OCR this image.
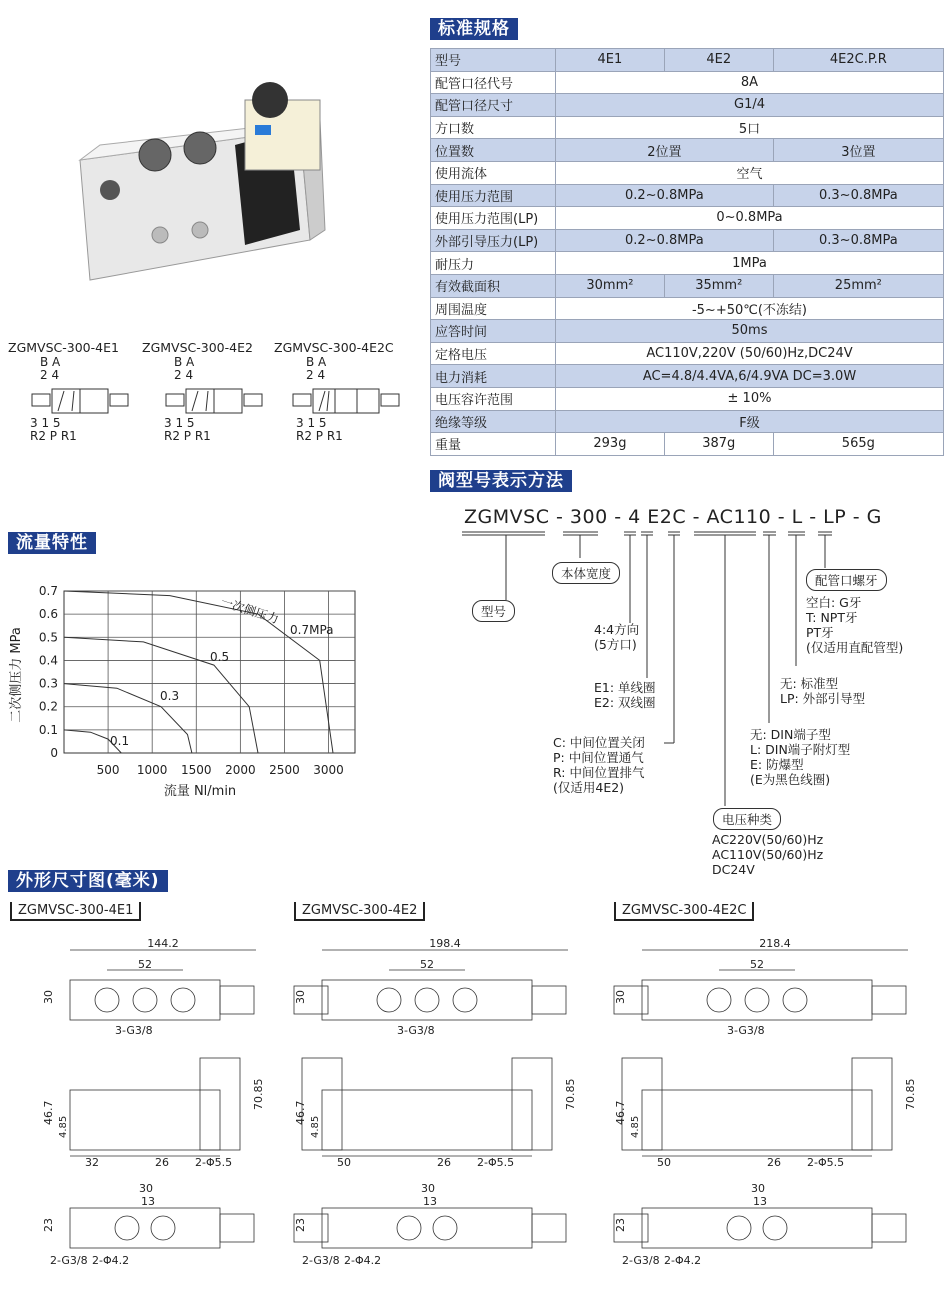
标准规格
型号	4E1	4E2	4E2C.P.R
配管口径代号	8A		
配管口径尺寸	G1/4		
方口数	5口		
位置数	2位置		3位置
使用流体	空气		
使用压力范围	0.2~0.8MPa		0.3~0.8MPa
使用压力范围(LP)	0~0.8MPa		
外部引导压力(LP)	0.2~0.8MPa		0.3~0.8MPa
耐压力	1MPa		
有效截面积	30mm²	35mm²	25mm²
周围温度	-5~+50℃(不冻结)		
应答时间	50ms		
定格电压	AC110V,220V (50/60)Hz,DC24V		
电力消耗	AC=4.8/4.4VA,6/4.9VA DC=3.0W		
电压容许范围	± 10%		
绝缘等级	F级		
重量	293g	387g	565g
ZGMVSC-300-4E1
B A
2 4
3 1 5
R2 P R1
ZGMVSC-300-4E2
B A
2 4
3 1 5
R2 P R1
ZGMVSC-300-4E2C
B A
2 4
3 1 5
R2 P R1
流量特性
0
0.1
0.2
0.3
0.4
0.5
0.6
0.7
500 1000 1500 2000 2500 3000
0.1
0.3
0.5
0.7MPa
一次侧压力
流量 Nl/min
二次侧压力 MPa
阀型号表示方法
ZGMVSC - 300 - 4 E2C - AC110 - L - LP - G
型号
本体宽度	配管口螺牙
空白: G牙
T: NPT牙
PT牙
(仅适用直配管型)
4:4方向
(5方口)
E1: 单线圈
E2: 双线圈
无: 标准型
LP: 外部引导型
无: DIN端子型
L: DIN端子附灯型
E: 防爆型
(E为黑色线圈)
C: 中间位置关闭
P: 中间位置通气
R: 中间位置排气
(仅适用4E2)
电压种类
AC220V(50/60)Hz
AC110V(50/60)Hz
DC24V
外形尺寸图(毫米)
ZGMVSC-300-4E1
144.2
52
30
3-G3/8
46.7
4.85
70.85
32	26 2-Φ5.5
30
13
23
2-G3/8 2-Φ4.2
ZGMVSC-300-4E2
198.4
52
30
3-G3/8
46.7
4.85
70.85
50	26 2-Φ5.5
30
13
23
2-G3/8 2-Φ4.2
ZGMVSC-300-4E2C
218.4
52
30
3-G3/8
46.7
4.85
70.85
50	26 2-Φ5.5
30
13
23
2-G3/8 2-Φ4.2
